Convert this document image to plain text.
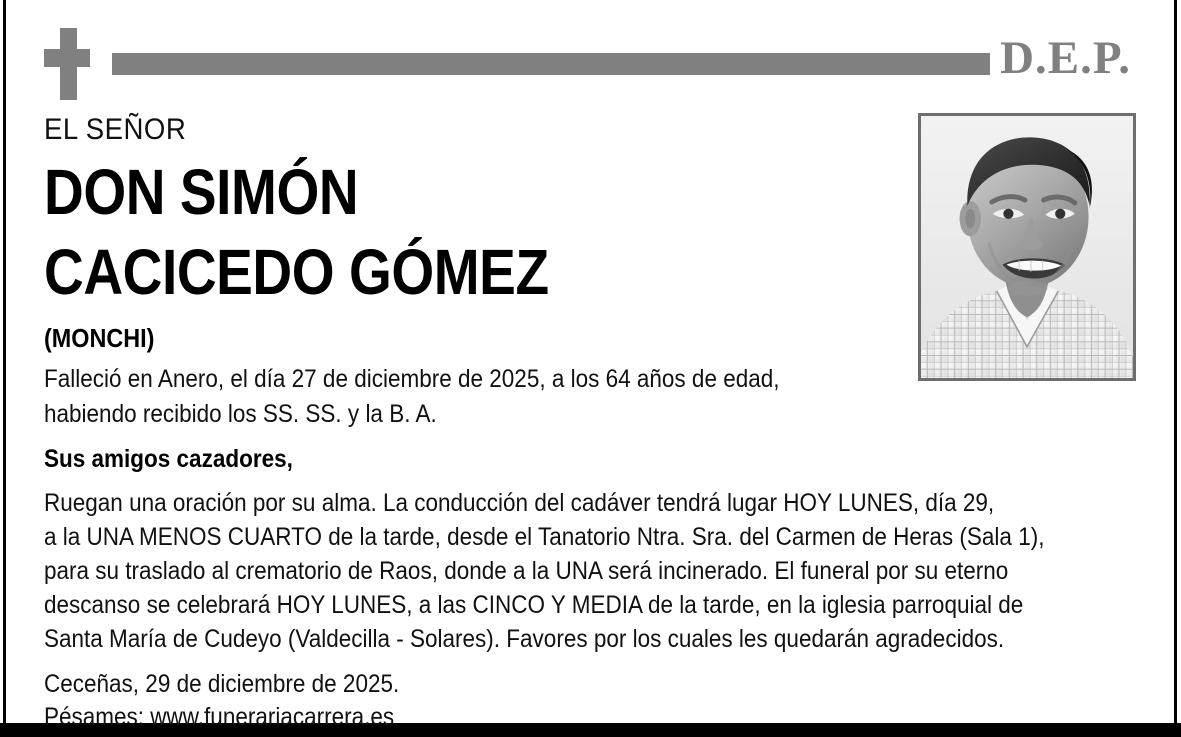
D.E.P.
EL SEÑOR
DON SIMÓN
CACICEDO GÓMEZ
(MONCHI)
Falleció en Anero, el día 27 de diciembre de 2025, a los 64 años de edad,
habiendo recibido los SS. SS. y la B. A.
Sus amigos cazadores,
Ruegan una oración por su alma. La conducción del cadáver tendrá lugar HOY LUNES, día 29,
a la UNA MENOS CUARTO de la tarde, desde el Tanatorio Ntra. Sra. del Carmen de Heras (Sala 1),
para su traslado al crematorio de Raos, donde a la UNA será incinerado. El funeral por su eterno
descanso se celebrará HOY LUNES, a las CINCO Y MEDIA de la tarde, en la iglesia parroquial de
Santa María de Cudeyo (Valdecilla - Solares). Favores por los cuales les quedarán agradecidos.
Ceceñas, 29 de diciembre de 2025.
Pésames: www.funerariacarrera.es
